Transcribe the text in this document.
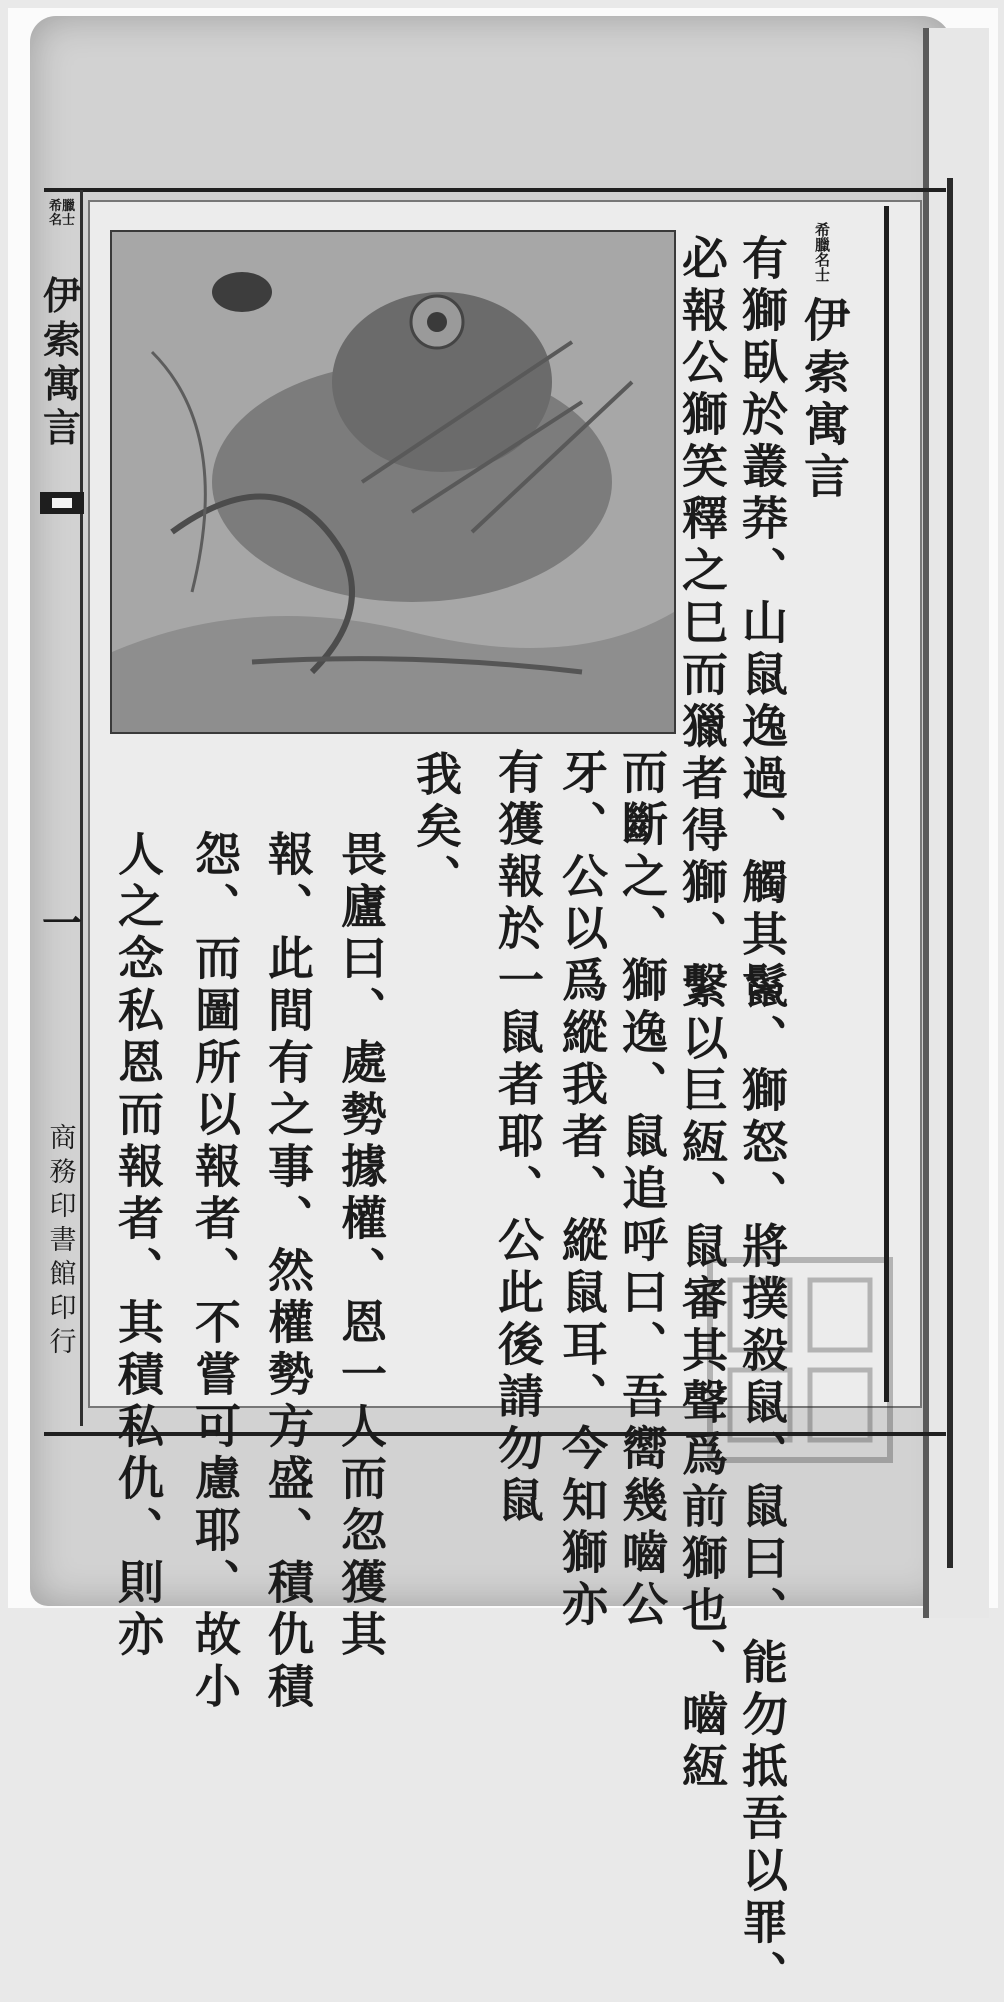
希臘名士
伊索寓言
一
商務印書館印行
希臘名士
伊索寓言
有獅臥於叢莽、山鼠逸過、觸其鬣、獅怒、將撲殺鼠、鼠曰、能勿抵吾以罪、
必報公獅笑釋之巳而獵者得獅、繫以巨絚、鼠審其聲爲前獅也、嚙絚
而斷之、獅逸、鼠追呼曰、吾嚮幾嚙公
牙、公以爲縱我者、縱鼠耳、今知獅亦
有獲報於一鼠者耶、公此後請勿鼠
我矣、
畏廬曰、處勢據權、恩一人而忽獲其
報、此間有之事、然權勢方盛、積仇積
怨、而圖所以報者、不嘗可慮耶、故小
人之念私恩而報者、其積私仇、則亦
